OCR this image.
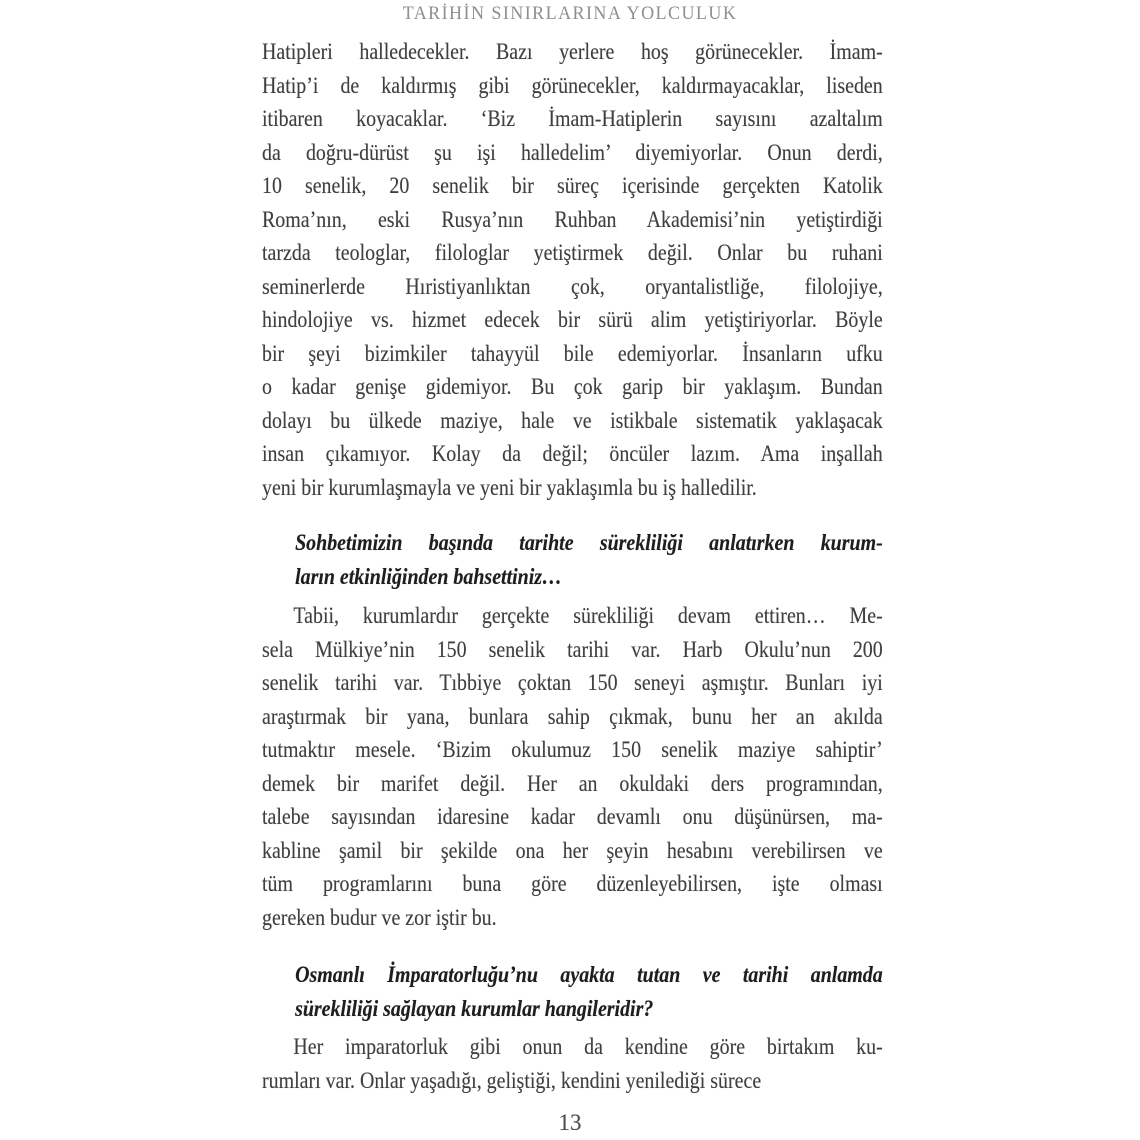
TARİHİN SINIRLARINA YOLCULUK
Hatipleri halledecekler. Bazı yerlere hoş görünecekler. İmam-
Hatip’i de kaldırmış gibi görünecekler, kaldırmayacaklar, liseden
itibaren koyacaklar. ‘Biz İmam-Hatiplerin sayısını azaltalım
da doğru-dürüst şu işi halledelim’ diyemiyorlar. Onun derdi,
10 senelik, 20 senelik bir süreç içerisinde gerçekten Katolik
Roma’nın, eski Rusya’nın Ruhban Akademisi’nin yetiştirdiği
tarzda teologlar, filologlar yetiştirmek değil. Onlar bu ruhani
seminerlerde Hıristiyanlıktan çok, oryantalistliğe, filolojiye,
hindolojiye vs. hizmet edecek bir sürü alim yetiştiriyorlar. Böyle
bir şeyi bizimkiler tahayyül bile edemiyorlar. İnsanların ufku
o kadar genişe gidemiyor. Bu çok garip bir yaklaşım. Bundan
dolayı bu ülkede maziye, hale ve istikbale sistematik yaklaşacak
insan çıkamıyor. Kolay da değil; öncüler lazım. Ama inşallah
yeni bir kurumlaşmayla ve yeni bir yaklaşımla bu iş halledilir.
Sohbetimizin başında tarihte sürekliliği anlatırken kurum-
ların etkinliğinden bahsettiniz…
Tabii, kurumlardır gerçekte sürekliliği devam ettiren… Me-
sela Mülkiye’nin 150 senelik tarihi var. Harb Okulu’nun 200
senelik tarihi var. Tıbbiye çoktan 150 seneyi aşmıştır. Bunları iyi
araştırmak bir yana, bunlara sahip çıkmak, bunu her an akılda
tutmaktır mesele. ‘Bizim okulumuz 150 senelik maziye sahiptir’
demek bir marifet değil. Her an okuldaki ders programından,
talebe sayısından idaresine kadar devamlı onu düşünürsen, ma-
kabline şamil bir şekilde ona her şeyin hesabını verebilirsen ve
tüm programlarını buna göre düzenleyebilirsen, işte olması
gereken budur ve zor iştir bu.
Osmanlı İmparatorluğu’nu ayakta tutan ve tarihi anlamda
sürekliliği sağlayan kurumlar hangileridir?
Her imparatorluk gibi onun da kendine göre birtakım ku-
rumları var. Onlar yaşadığı, geliştiği, kendini yenilediği sürece
13
